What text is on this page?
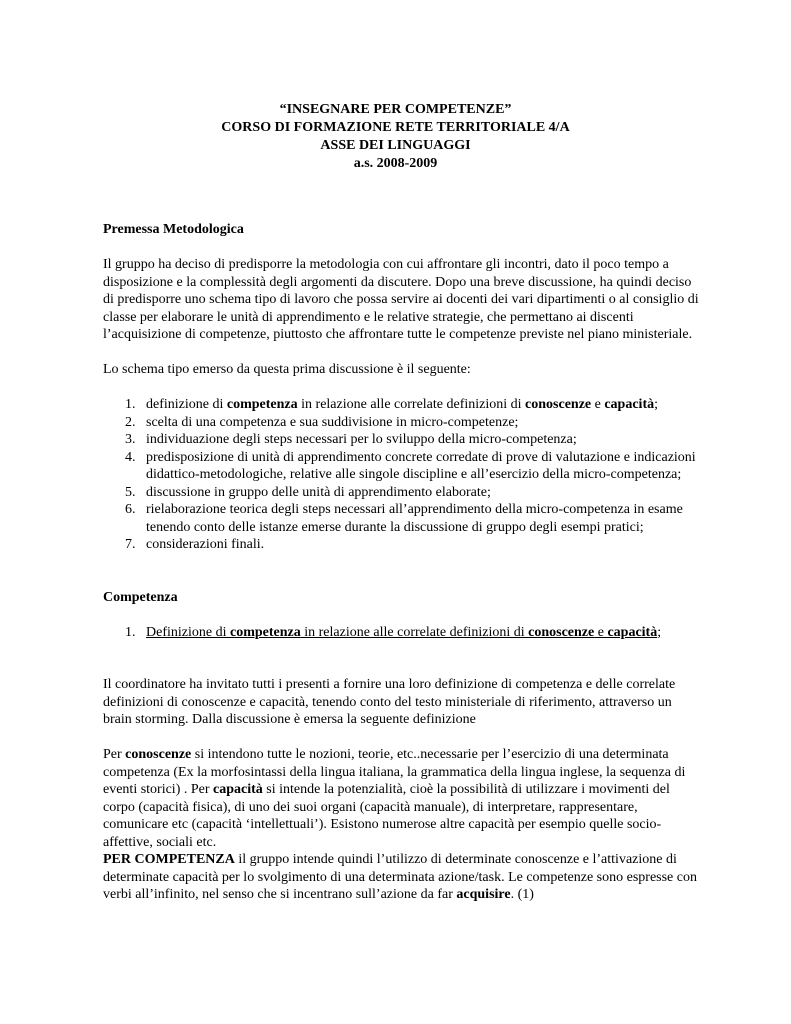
“INSEGNARE PER COMPETENZE”
CORSO DI FORMAZIONE RETE TERRITORIALE 4/A
ASSE DEI LINGUAGGI
a.s. 2008-2009

Premessa Metodologica

Il gruppo ha deciso di predisporre la metodologia con cui affrontare gli incontri, dato il poco tempo a disposizione e la complessità degli argomenti da discutere. Dopo una breve discussione, ha quindi deciso di predisporre uno schema tipo di lavoro che possa servire ai docenti dei vari dipartimenti o al consiglio di classe per elaborare le unità di apprendimento e le relative strategie, che permettano ai discenti l’acquisizione di competenze, piuttosto che affrontare tutte le competenze previste nel piano ministeriale.

Lo schema tipo emerso da questa prima discussione è il seguente:

1. definizione di competenza in relazione alle correlate definizioni di conoscenze e capacità;
2. scelta di una competenza e sua suddivisione in micro-competenze;
3. individuazione degli steps necessari per lo sviluppo della micro-competenza;
4. predisposizione di unità di apprendimento concrete corredate di prove di valutazione e indicazioni didattico-metodologiche, relative alle singole discipline e all’esercizio della micro-competenza;
5. discussione in gruppo delle unità di apprendimento elaborate;
6. rielaborazione teorica degli steps necessari all’apprendimento della micro-competenza in esame tenendo conto delle istanze emerse durante la discussione di gruppo degli esempi pratici;
7. considerazioni finali.

Competenza

1. Definizione di competenza in relazione alle correlate definizioni di conoscenze e capacità;

Il coordinatore ha invitato tutti i presenti a fornire una loro definizione di competenza e delle correlate definizioni di conoscenze e capacità, tenendo conto del testo ministeriale di riferimento, attraverso un brain storming. Dalla discussione è emersa la seguente definizione

Per conoscenze si intendono tutte le nozioni, teorie, etc..necessarie per l’esercizio di una determinata competenza (Ex la morfosintassi della lingua italiana, la grammatica della lingua inglese, la sequenza di eventi storici) . Per capacità si intende la potenzialità, cioè la possibilità di utilizzare i movimenti del corpo (capacità fisica), di uno dei suoi organi (capacità manuale), di interpretare, rappresentare, comunicare etc (capacità ‘intellettuali’). Esistono numerose altre capacità per esempio quelle socio-affettive, sociali etc.

PER COMPETENZA il gruppo intende quindi l’utilizzo di determinate conoscenze e l’attivazione di determinate capacità per lo svolgimento di una determinata azione/task. Le competenze sono espresse con verbi all’infinito, nel senso che si incentrano sull’azione da far acquisire. (1)
